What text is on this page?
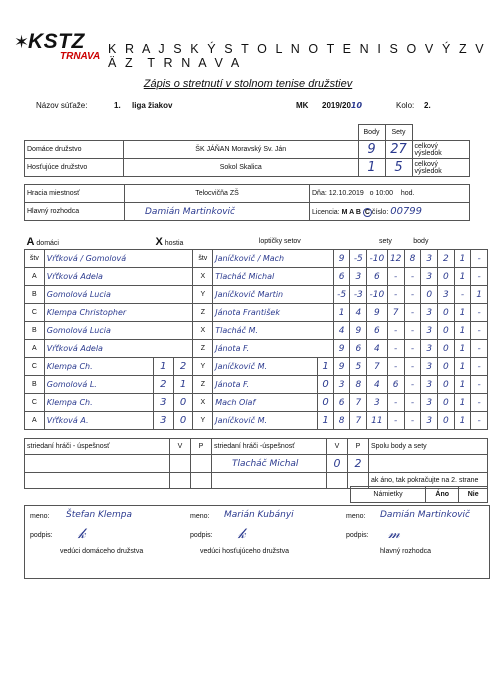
✶
KSTZ
TRNAVA
K R A J S K Ý S T O L N O T E N I S O V Ý Z V Ä Z T R N A V A
Zápis o stretnutí v stolnom tenise družstiev
Názov súťaže:	1. liga žiakov	MK 2019/2010	Kolo: 2.
		Body	Sety	
Domáce družstvo	ŠK JÁŇAN Moravský Sv. Ján	9	27	celkový výsledok
Hosťujúce družstvo	Sokol Skalica	1	5	celkový výsledok
Hracia miestnosť	Telocvičňa ZŠ	Dňa: 12.10.2019 o 10:00 hod.
Hlavný rozhodca	Damián Martinkovič	Licencia: M A B C číslo: 00799
A domáci		X hostia		loptičky setov					sety		body				
štv	Vŕťková / Gomolová			štv	Janíčkovič / Mach		9	-5	-10	12	8	3	2	1	-
A	Vŕťková Adela			X	Tlacháč Michal		6	3	6	-	-	3	0	1	-
B	Gomolová Lucia			Y	Janíčkovič Martin		-5	-3	-10	-	-	0	3	-	1
C	Klempa Christopher			Z	Jánota František		1	4	9	7	-	3	0	1	-
B	Gomolová Lucia			X	Tlacháč M.		4	9	6	-	-	3	0	1	-
A	Vŕťková Adela			Z	Jánota F.		9	6	4	-	-	3	0	1	-
C	Klempa Ch.	1	2	Y	Janíčkovič M.	1	9	5	7	-	-	3	0	1	-
B	Gomolová L.	2	1	Z	Jánota F.	0	3	8	4	6	-	3	0	1	-
C	Klempa Ch.	3	0	X	Mach Olaf	0	6	7	3	-	-	3	0	1	-
A	Vŕťková A.	3	0	Y	Janíčkovič M.	1	8	7	11	-	-	3	0	1	-
striedaní hráči - úspešnosť	V	P	striedaní hráči -úspešnosť	V	P	Spolu body a sety
			Tlacháč Michal	0	2	
						ak áno, tak pokračujte na 2. strane
Námietky	Áno	Nie
meno: Štefan Klempa	meno: Marián Kubányi	meno: Damián Martinkovič
podpis: 𝓀	podpis: 𝓀	podpis: 𝓂
vedúci domáceho družstva	vedúci hosťujúceho družstva	hlavný rozhodca
